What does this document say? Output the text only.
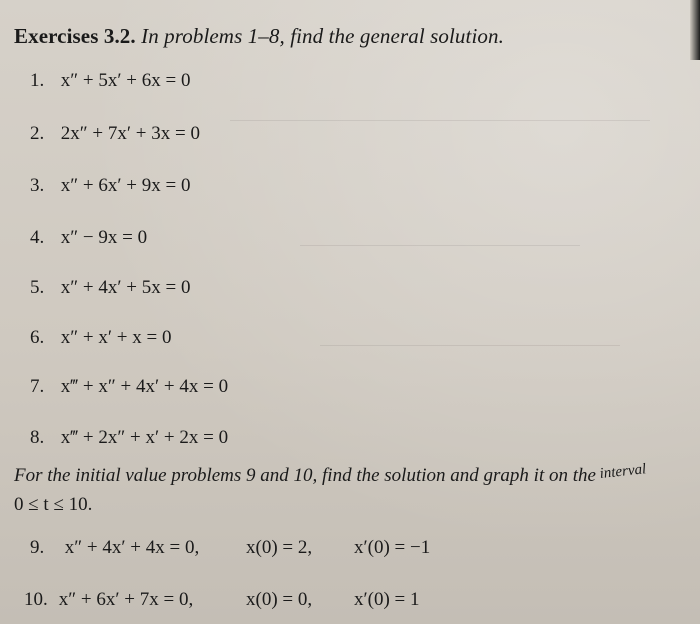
Exercises 3.2. In problems 1–8, find the general solution.
1. x″ + 5x′ + 6x = 0
2. 2x″ + 7x′ + 3x = 0
3. x″ + 6x′ + 9x = 0
4. x″ − 9x = 0
5. x″ + 4x′ + 5x = 0
6. x″ + x′ + x = 0
7. x‴ + x″ + 4x′ + 4x = 0
8. x‴ + 2x″ + x′ + 2x = 0
For the initial value problems 9 and 10, find the solution and graph it on the interval
0 ≤ t ≤ 10.
9. x″ + 4x′ + 4x = 0, x(0) = 2, x′(0) = −1
10. x″ + 6x′ + 7x = 0,	x(0) = 0, x′(0) = 1
